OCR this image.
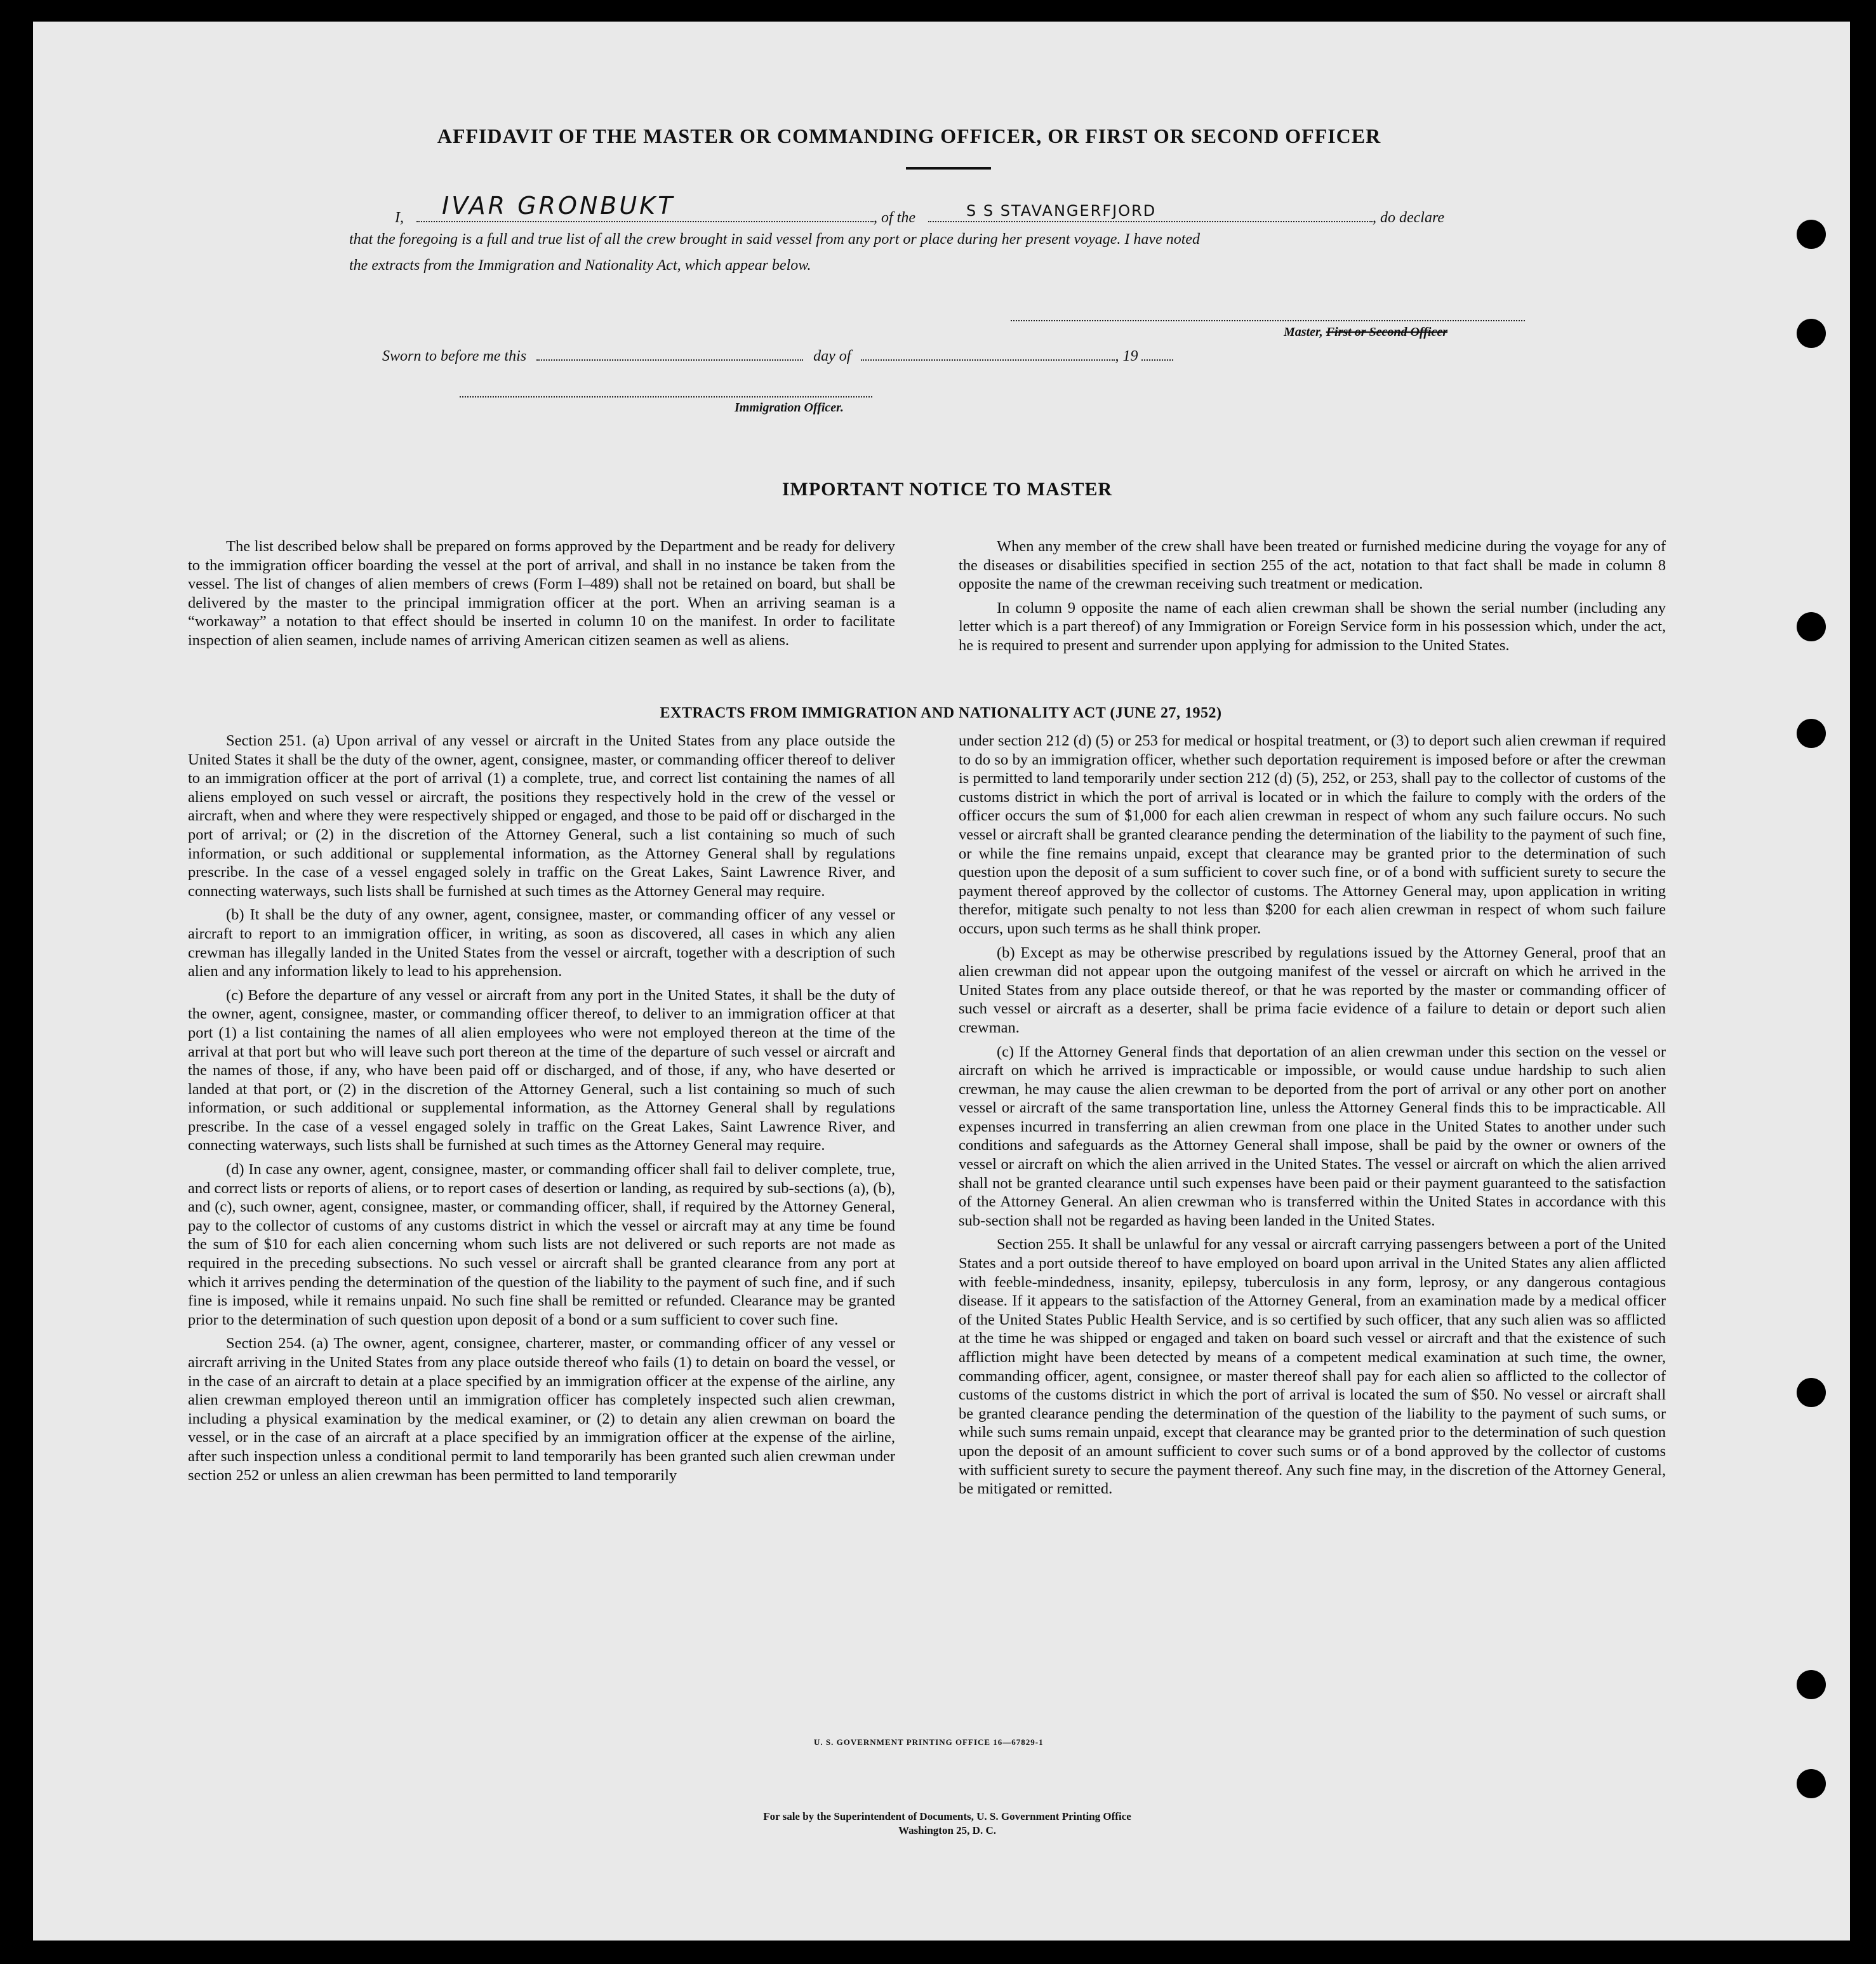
AFFIDAVIT OF THE MASTER OR COMMANDING OFFICER, OR FIRST OR SECOND OFFICER
I, IVAR GRONBUKT	, of the	S S STAVANGERFJORD	, do declare
that the foregoing is a full and true list of all the crew brought in said vessel from any port or place during her present voyage. I have noted
the extracts from the Immigration and Nationality Act, which appear below.
Master, First or Second Officer
Sworn to before me this	day of	, 19
Immigration Officer.
IMPORTANT NOTICE TO MASTER

The list described below shall be prepared on forms approved by the Department and be ready for delivery to the immigration officer boarding the vessel at the port of arrival, and shall in no instance be taken from the vessel. The list of changes of alien members of crews (Form I–489) shall not be retained on board, but shall be delivered by the master to the principal immigration officer at the port. When an arriving seaman is a “workaway” a notation to that effect should be inserted in column 10 on the manifest. In order to facilitate inspection of alien seamen, include names of arriving American citizen seamen as well as aliens.

When any member of the crew shall have been treated or furnished medicine during the voyage for any of the diseases or disabilities specified in section 255 of the act, notation to that fact shall be made in column 8 opposite the name of the crewman receiving such treatment or medication.

In column 9 opposite the name of each alien crewman shall be shown the serial number (including any letter which is a part thereof) of any Immigration or Foreign Service form in his possession which, under the act, he is required to present and surrender upon applying for admission to the United States.

EXTRACTS FROM IMMIGRATION AND NATIONALITY ACT (JUNE 27, 1952)

Section 251. (a) Upon arrival of any vessel or aircraft in the United States from any place outside the United States it shall be the duty of the owner, agent, consignee, master, or commanding officer thereof to deliver to an immigration officer at the port of arrival (1) a complete, true, and correct list containing the names of all aliens employed on such vessel or aircraft, the positions they respectively hold in the crew of the vessel or aircraft, when and where they were respectively shipped or engaged, and those to be paid off or discharged in the port of arrival; or (2) in the discretion of the Attorney General, such a list containing so much of such information, or such additional or supplemental information, as the Attorney General shall by regulations prescribe. In the case of a vessel engaged solely in traffic on the Great Lakes, Saint Lawrence River, and connecting waterways, such lists shall be furnished at such times as the Attorney General may require.

(b) It shall be the duty of any owner, agent, consignee, master, or commanding officer of any vessel or aircraft to report to an immigration officer, in writing, as soon as discovered, all cases in which any alien crewman has illegally landed in the United States from the vessel or aircraft, together with a description of such alien and any information likely to lead to his apprehension.

(c) Before the departure of any vessel or aircraft from any port in the United States, it shall be the duty of the owner, agent, consignee, master, or commanding officer thereof, to deliver to an immigration officer at that port (1) a list containing the names of all alien employees who were not employed thereon at the time of the arrival at that port but who will leave such port thereon at the time of the departure of such vessel or aircraft and the names of those, if any, who have been paid off or discharged, and of those, if any, who have deserted or landed at that port, or (2) in the discretion of the Attorney General, such a list containing so much of such information, or such additional or supplemental information, as the Attorney General shall by regulations prescribe. In the case of a vessel engaged solely in traffic on the Great Lakes, Saint Lawrence River, and connecting waterways, such lists shall be furnished at such times as the Attorney General may require.

(d) In case any owner, agent, consignee, master, or commanding officer shall fail to deliver complete, true, and correct lists or reports of aliens, or to report cases of desertion or landing, as required by sub-sections (a), (b), and (c), such owner, agent, consignee, master, or commanding officer, shall, if required by the Attorney General, pay to the collector of customs of any customs district in which the vessel or aircraft may at any time be found the sum of $10 for each alien concerning whom such lists are not delivered or such reports are not made as required in the preceding subsections. No such vessel or aircraft shall be granted clearance from any port at which it arrives pending the determination of the question of the liability to the payment of such fine, and if such fine is imposed, while it remains unpaid. No such fine shall be remitted or refunded. Clearance may be granted prior to the determination of such question upon deposit of a bond or a sum sufficient to cover such fine.

Section 254. (a) The owner, agent, consignee, charterer, master, or commanding officer of any vessel or aircraft arriving in the United States from any place outside thereof who fails (1) to detain on board the vessel, or in the case of an aircraft to detain at a place specified by an immigration officer at the expense of the airline, any alien crewman employed thereon until an immigration officer has completely inspected such alien crewman, including a physical examination by the medical examiner, or (2) to detain any alien crewman on board the vessel, or in the case of an aircraft at a place specified by an immigration officer at the expense of the airline, after such inspection unless a conditional permit to land temporarily has been granted such alien crewman under section 252 or unless an alien crewman has been permitted to land temporarily

under section 212 (d) (5) or 253 for medical or hospital treatment, or (3) to deport such alien crewman if required to do so by an immigration officer, whether such deportation requirement is imposed before or after the crewman is permitted to land temporarily under section 212 (d) (5), 252, or 253, shall pay to the collector of customs of the customs district in which the port of arrival is located or in which the failure to comply with the orders of the officer occurs the sum of $1,000 for each alien crewman in respect of whom any such failure occurs. No such vessel or aircraft shall be granted clearance pending the determination of the liability to the payment of such fine, or while the fine remains unpaid, except that clearance may be granted prior to the determination of such question upon the deposit of a sum sufficient to cover such fine, or of a bond with sufficient surety to secure the payment thereof approved by the collector of customs. The Attorney General may, upon application in writing therefor, mitigate such penalty to not less than $200 for each alien crewman in respect of whom such failure occurs, upon such terms as he shall think proper.

(b) Except as may be otherwise prescribed by regulations issued by the Attorney General, proof that an alien crewman did not appear upon the outgoing manifest of the vessel or aircraft on which he arrived in the United States from any place outside thereof, or that he was reported by the master or commanding officer of such vessel or aircraft as a deserter, shall be prima facie evidence of a failure to detain or deport such alien crewman.

(c) If the Attorney General finds that deportation of an alien crewman under this section on the vessel or aircraft on which he arrived is impracticable or impossible, or would cause undue hardship to such alien crewman, he may cause the alien crewman to be deported from the port of arrival or any other port on another vessel or aircraft of the same transportation line, unless the Attorney General finds this to be impracticable. All expenses incurred in transferring an alien crewman from one place in the United States to another under such conditions and safeguards as the Attorney General shall impose, shall be paid by the owner or owners of the vessel or aircraft on which the alien arrived in the United States. The vessel or aircraft on which the alien arrived shall not be granted clearance until such expenses have been paid or their payment guaranteed to the satisfaction of the Attorney General. An alien crewman who is transferred within the United States in accordance with this sub-section shall not be regarded as having been landed in the United States.

Section 255. It shall be unlawful for any vessal or aircraft carrying passengers between a port of the United States and a port outside thereof to have employed on board upon arrival in the United States any alien afflicted with feeble-mindedness, insanity, epilepsy, tuberculosis in any form, leprosy, or any dangerous contagious disease. If it appears to the satisfaction of the Attorney General, from an examination made by a medical officer of the United States Public Health Service, and is so certified by such officer, that any such alien was so afflicted at the time he was shipped or engaged and taken on board such vessel or aircraft and that the existence of such affliction might have been detected by means of a competent medical examination at such time, the owner, commanding officer, agent, consignee, or master thereof shall pay for each alien so afflicted to the collector of customs of the customs district in which the port of arrival is located the sum of $50. No vessel or aircraft shall be granted clearance pending the determination of the question of the liability to the payment of such sums, or while such sums remain unpaid, except that clearance may be granted prior to the determination of such question upon the deposit of an amount sufficient to cover such sums or of a bond approved by the collector of customs with sufficient surety to secure the payment thereof. Any such fine may, in the discretion of the Attorney General, be mitigated or remitted.

U. S. GOVERNMENT PRINTING OFFICE 16—67829-1
For sale by the Superintendent of Documents, U. S. Government Printing Office
Washington 25, D. C.
